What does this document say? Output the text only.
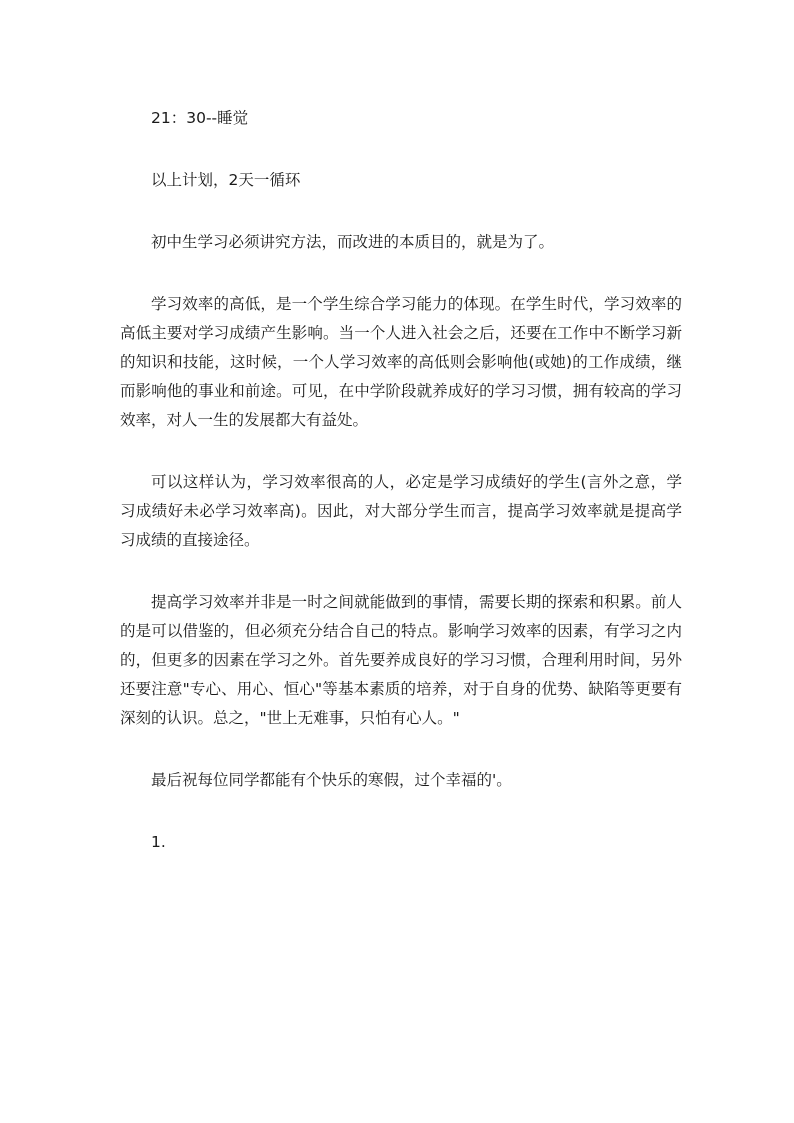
21：30--睡觉

以上计划，2天一循环

初中生学习必须讲究方法，而改进的本质目的，就是为了。

学习效率的高低，是一个学生综合学习能力的体现。在学生时代，学习效率的高低主要对学习成绩产生影响。当一个人进入社会之后，还要在工作中不断学习新的知识和技能，这时候，一个人学习效率的高低则会影响他(或她)的工作成绩，继而影响他的事业和前途。可见，在中学阶段就养成好的学习习惯，拥有较高的学习效率，对人一生的发展都大有益处。

可以这样认为，学习效率很高的人，必定是学习成绩好的学生(言外之意，学习成绩好未必学习效率高)。因此，对大部分学生而言，提高学习效率就是提高学习成绩的直接途径。

提高学习效率并非是一时之间就能做到的事情，需要长期的探索和积累。前人的是可以借鉴的，但必须充分结合自己的特点。影响学习效率的因素，有学习之内的，但更多的因素在学习之外。首先要养成良好的学习习惯，合理利用时间，另外还要注意"专心、用心、恒心"等基本素质的培养，对于自身的优势、缺陷等更要有深刻的认识。总之，"世上无难事，只怕有心人。"

最后祝每位同学都能有个快乐的寒假，过个幸福的'。

1.
